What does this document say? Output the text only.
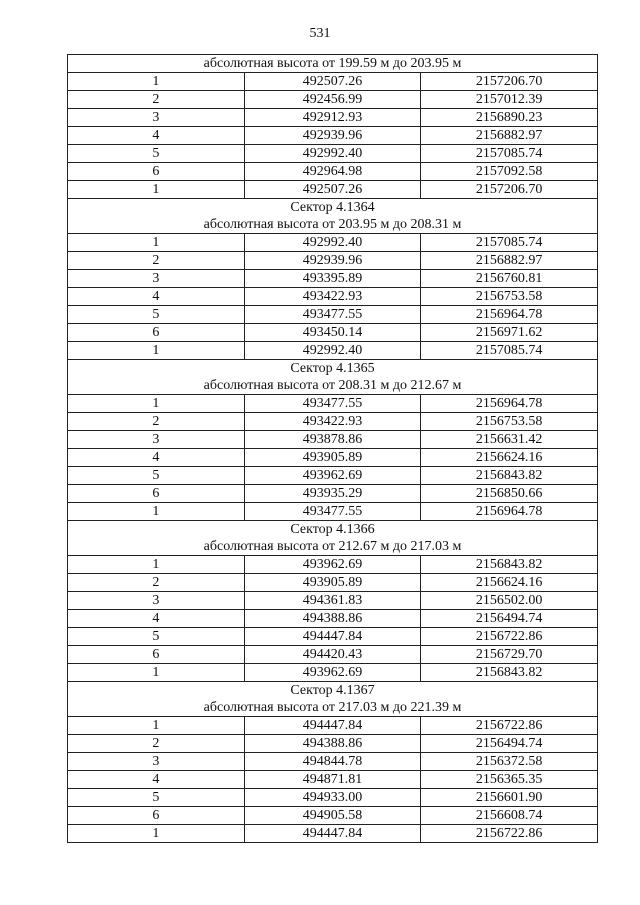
531
абсолютная высота от 199.59 м до 203.95 м		
1	492507.26	2157206.70
2	492456.99	2157012.39
3	492912.93	2156890.23
4	492939.96	2156882.97
5	492992.40	2157085.74
6	492964.98	2157092.58
1	492507.26	2157206.70
Сектор 4.1364		
абсолютная высота от 203.95 м до 208.31 м		
1	492992.40	2157085.74
2	492939.96	2156882.97
3	493395.89	2156760.81
4	493422.93	2156753.58
5	493477.55	2156964.78
6	493450.14	2156971.62
1	492992.40	2157085.74
Сектор 4.1365		
абсолютная высота от 208.31 м до 212.67 м		
1	493477.55	2156964.78
2	493422.93	2156753.58
3	493878.86	2156631.42
4	493905.89	2156624.16
5	493962.69	2156843.82
6	493935.29	2156850.66
1	493477.55	2156964.78
Сектор 4.1366		
абсолютная высота от 212.67 м до 217.03 м		
1	493962.69	2156843.82
2	493905.89	2156624.16
3	494361.83	2156502.00
4	494388.86	2156494.74
5	494447.84	2156722.86
6	494420.43	2156729.70
1	493962.69	2156843.82
Сектор 4.1367		
абсолютная высота от 217.03 м до 221.39 м		
1	494447.84	2156722.86
2	494388.86	2156494.74
3	494844.78	2156372.58
4	494871.81	2156365.35
5	494933.00	2156601.90
6	494905.58	2156608.74
1	494447.84	2156722.86
